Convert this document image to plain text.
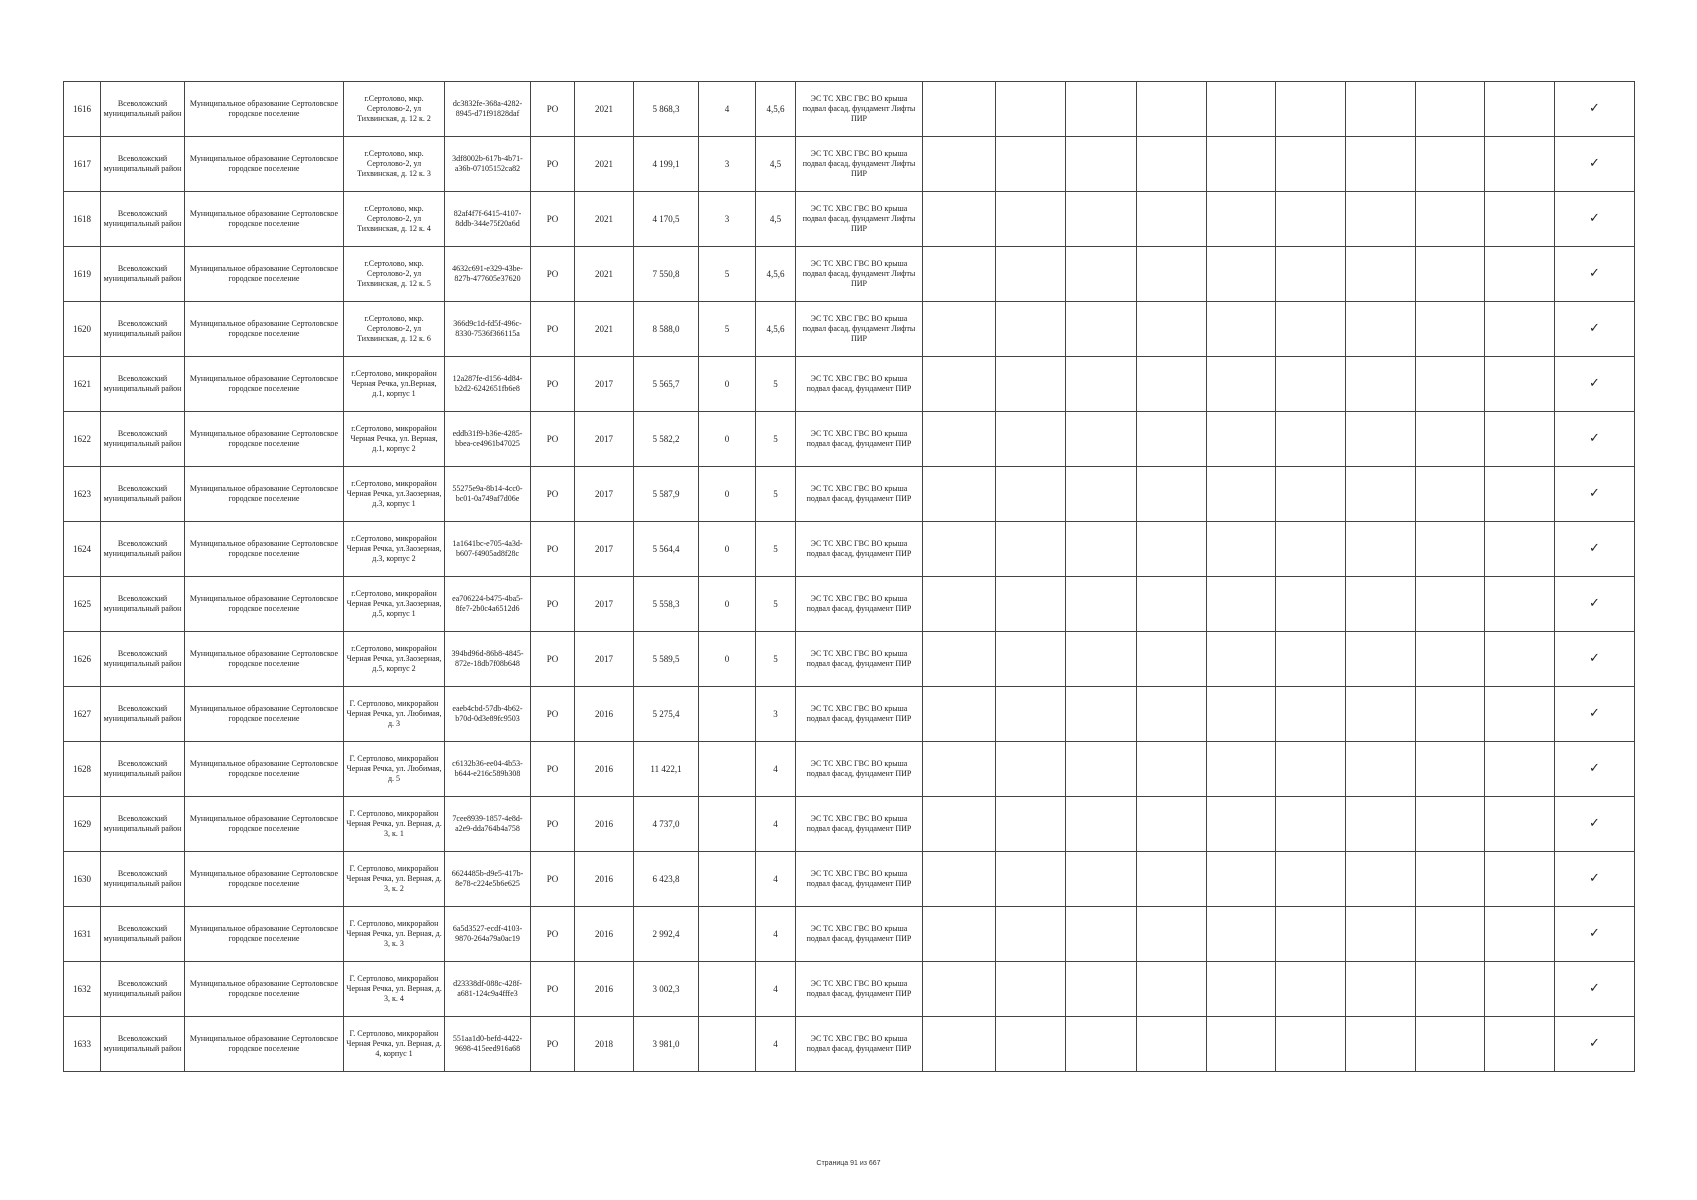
1616	Всеволожский муниципальный район	Муниципальное образование Сертоловское городское поселение	г.Сертолово, мкр. Сертолово-2, ул Тихвинская, д. 12 к. 2	dc3832fe-368a-4282-8945-d71f91828daf	РО	2021	5 868,3	4	4,5,6	ЭС ТС ХВС ГВС ВО крыша подвал фасад, фундамент Лифты ПИР										✓
1617	Всеволожский муниципальный район	Муниципальное образование Сертоловское городское поселение	г.Сертолово, мкр. Сертолово-2, ул Тихвинская, д. 12 к. 3	3df8002b-617b-4b71-a36b-07105152ca82	РО	2021	4 199,1	3	4,5	ЭС ТС ХВС ГВС ВО крыша подвал фасад, фундамент Лифты ПИР										✓
1618	Всеволожский муниципальный район	Муниципальное образование Сертоловское городское поселение	г.Сертолово, мкр. Сертолово-2, ул Тихвинская, д. 12 к. 4	82af4f7f-6415-4107-8ddb-344e75f20a6d	РО	2021	4 170,5	3	4,5	ЭС ТС ХВС ГВС ВО крыша подвал фасад, фундамент Лифты ПИР										✓
1619	Всеволожский муниципальный район	Муниципальное образование Сертоловское городское поселение	г.Сертолово, мкр. Сертолово-2, ул Тихвинская, д. 12 к. 5	4632c691-e329-43be-827b-477605e37620	РО	2021	7 550,8	5	4,5,6	ЭС ТС ХВС ГВС ВО крыша подвал фасад, фундамент Лифты ПИР										✓
1620	Всеволожский муниципальный район	Муниципальное образование Сертоловское городское поселение	г.Сертолово, мкр. Сертолово-2, ул Тихвинская, д. 12 к. 6	366d9c1d-fd5f-496c-8330-7536f366115a	РО	2021	8 588,0	5	4,5,6	ЭС ТС ХВС ГВС ВО крыша подвал фасад, фундамент Лифты ПИР										✓
1621	Всеволожский муниципальный район	Муниципальное образование Сертоловское городское поселение	г.Сертолово, микрорайон Черная Речка, ул.Верная, д.1, корпус 1	12a287fe-d156-4d84-b2d2-6242651fb6e8	РО	2017	5 565,7	0	5	ЭС ТС ХВС ГВС ВО крыша подвал фасад, фундамент ПИР										✓
1622	Всеволожский муниципальный район	Муниципальное образование Сертоловское городское поселение	г.Сертолово, микрорайон Черная Речка, ул. Верная, д.1, корпус 2	eddb31f9-b36e-4285-bbea-ce4961b47025	РО	2017	5 582,2	0	5	ЭС ТС ХВС ГВС ВО крыша подвал фасад, фундамент ПИР										✓
1623	Всеволожский муниципальный район	Муниципальное образование Сертоловское городское поселение	г.Сертолово, микрорайон Черная Речка, ул.Заозерная, д.3, корпус 1	55275e9a-8b14-4cc0-bc01-0a749af7d06e	РО	2017	5 587,9	0	5	ЭС ТС ХВС ГВС ВО крыша подвал фасад, фундамент ПИР										✓
1624	Всеволожский муниципальный район	Муниципальное образование Сертоловское городское поселение	г.Сертолово, микрорайон Черная Речка, ул.Заозерная, д.3, корпус 2	1a1641bc-e705-4a3d-b607-f4905ad8f28c	РО	2017	5 564,4	0	5	ЭС ТС ХВС ГВС ВО крыша подвал фасад, фундамент ПИР										✓
1625	Всеволожский муниципальный район	Муниципальное образование Сертоловское городское поселение	г.Сертолово, микрорайон Черная Речка, ул.Заозерная, д.5, корпус 1	ea706224-b475-4ba5-8fe7-2b0c4a6512d6	РО	2017	5 558,3	0	5	ЭС ТС ХВС ГВС ВО крыша подвал фасад, фундамент ПИР										✓
1626	Всеволожский муниципальный район	Муниципальное образование Сертоловское городское поселение	г.Сертолово, микрорайон Черная Речка, ул.Заозерная, д.5, корпус 2	394bd96d-86b8-4845-872e-18db7f08b648	РО	2017	5 589,5	0	5	ЭС ТС ХВС ГВС ВО крыша подвал фасад, фундамент ПИР										✓
1627	Всеволожский муниципальный район	Муниципальное образование Сертоловское городское поселение	Г. Сертолово, микрорайон Черная Речка, ул. Любимая, д. 3	eaeb4cbd-57db-4b62-b70d-0d3e89fc9503	РО	2016	5 275,4		3	ЭС ТС ХВС ГВС ВО крыша подвал фасад, фундамент ПИР										✓
1628	Всеволожский муниципальный район	Муниципальное образование Сертоловское городское поселение	Г. Сертолово, микрорайон Черная Речка, ул. Любимая, д. 5	c6132b36-ee04-4b53-b644-e216c589b308	РО	2016	11 422,1		4	ЭС ТС ХВС ГВС ВО крыша подвал фасад, фундамент ПИР										✓
1629	Всеволожский муниципальный район	Муниципальное образование Сертоловское городское поселение	Г. Сертолово, микрорайон Черная Речка, ул. Верная, д. 3, к. 1	7cee8939-1857-4e8d-a2e9-dda764b4a758	РО	2016	4 737,0		4	ЭС ТС ХВС ГВС ВО крыша подвал фасад, фундамент ПИР										✓
1630	Всеволожский муниципальный район	Муниципальное образование Сертоловское городское поселение	Г. Сертолово, микрорайон Черная Речка, ул. Верная, д. 3, к. 2	6624485b-d9e5-417b-8e78-c224e5b6e625	РО	2016	6 423,8		4	ЭС ТС ХВС ГВС ВО крыша подвал фасад, фундамент ПИР										✓
1631	Всеволожский муниципальный район	Муниципальное образование Сертоловское городское поселение	Г. Сертолово, микрорайон Черная Речка, ул. Верная, д. 3, к. 3	6a5d3527-ecdf-4103-9870-264a79a0ac19	РО	2016	2 992,4		4	ЭС ТС ХВС ГВС ВО крыша подвал фасад, фундамент ПИР										✓
1632	Всеволожский муниципальный район	Муниципальное образование Сертоловское городское поселение	Г. Сертолово, микрорайон Черная Речка, ул. Верная, д. 3, к. 4	d23338df-088c-428f-a681-124c9a4fffe3	РО	2016	3 002,3		4	ЭС ТС ХВС ГВС ВО крыша подвал фасад, фундамент ПИР										✓
1633	Всеволожский муниципальный район	Муниципальное образование Сертоловское городское поселение	Г. Сертолово, микрорайон Черная Речка, ул. Верная, д. 4, корпус 1	551aa1d0-befd-4422-9698-415eed916a68	РО	2018	3 981,0		4	ЭС ТС ХВС ГВС ВО крыша подвал фасад, фундамент ПИР										✓
Страница 91 из 667
